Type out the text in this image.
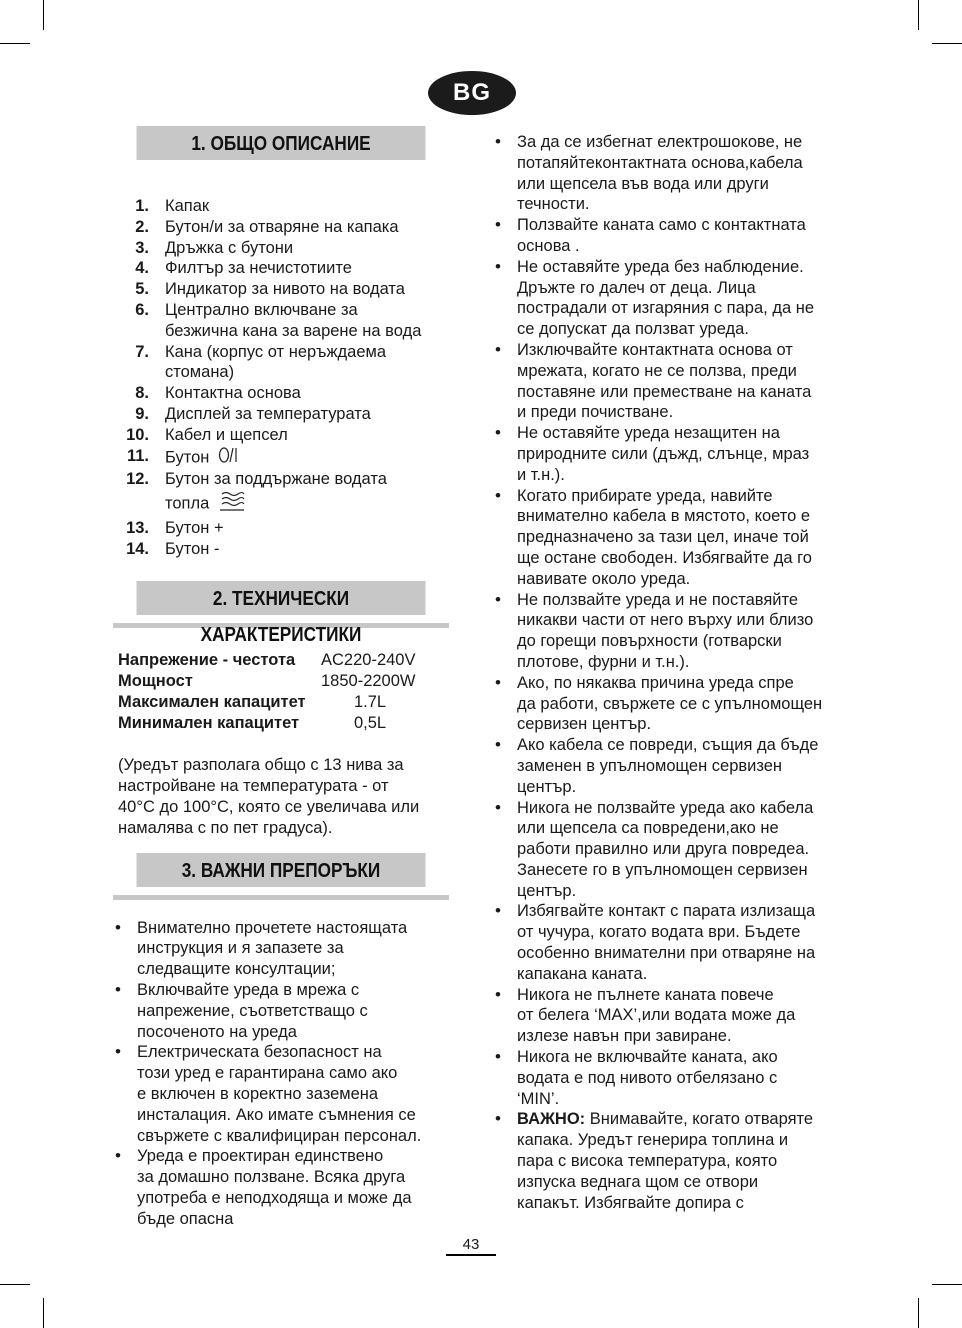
BG
1. ОБЩО ОПИСАНИЕ
1. Капак
2. Бутон/и за отваряне на капака
3. Дръжка с бутони
4. Филтър за нечистотиите
5. Индикатор за нивото на водата
6. Централно включване за
безжична кана за варене на вода
7. Кана (корпус от неръждаема
стомана)
8. Контактна основа
9. Дисплей за температурата
10. Кабел и щепсел
11. Бутон
12. Бутон за поддържане водата
топла
13. Бутон +
14. Бутон -
2. ТЕХНИЧЕСКИ ХАРАКТЕРИСТИКИ
Напрежение - честота	AC220-240V
Мощност	1850-2200W
Максимален капацитет	1.7L
Минимален капацитет	0,5L
(Уредът разполага общо с 13 нива за
настройване на температурата - от
40°C до 100°C, която се увеличава или
намалява с по пет градуса).
3. ВАЖНИ ПРЕПОРЪКИ
• Внимателно прочетете настоящата
инструкция и я запазете за
следващите консултации;
• Включвайте уреда в мрежа с
напрежение, съответстващо с
посоченото на уреда
• Електрическата безопасност на
този уред е гарантирана само ако
е включен в коректно заземена
инсталация. Ако имате съмнения се
свържете с квалифициран персонал.
• Уреда е проектиран единствено
за домашно ползване. Всяка друга
употреба е неподходяща и може да
бъде опасна
• За да се избегнат електрошокове, не
потапяйтеконтактната основа,кабела
или щепсела във вода или други
течности.
• Ползвайте каната само с контактната
основа .
• Не оставяйте уреда без наблюдение.
Дръжте го далеч от деца. Лица
пострадали от изгаряния с пара, да не
се допускат да ползват уреда.
• Изключвайте контактната основа от
мрежата, когато не се ползва, преди
поставяне или преместване на каната
и преди почистване.
• Не оставяйте уреда незащитен на
природните сили (дъжд, слънце, мраз
и т.н.).
• Когато прибирате уреда, навийте
внимателно кабела в мястото, което е
предназначено за тази цел, иначе той
ще остане свободен. Избягвайте да го
навивате около уреда.
• Не ползвайте уреда и не поставяйте
никакви части от него върху или близо
до горещи повърхности (готварски
плотове, фурни и т.н.).
• Ако, по някаква причина уреда спре
да работи, свържете се с упълномощен
сервизен център.
• Ако кабела се повреди, същия да бъде
заменен в упълномощен сервизен
център.
• Никога не ползвайте уреда ако кабела
или щепсела са повредени,ако не
работи правилно или друга повредеа.
Занесете го в упълномощен сервизен
център.
• Избягвайте контакт с парата излизаща
от чучура, когато водата ври. Бъдете
особенно внимателни при отваряне на
капакана каната.
• Никога не пълнете каната повече
от белега ‘MAX’,или водата може да
излезе навън при завиране.
• Никога не включвайте каната, ако
водата е под нивото отбелязано с
‘MIN’.
• ВАЖНО: Внимавайте, когато отваряте
капака. Уредът генерира топлина и
пара с висока температура, която
изпуска веднага щом се отвори
капакът. Избягвайте допира с
43
